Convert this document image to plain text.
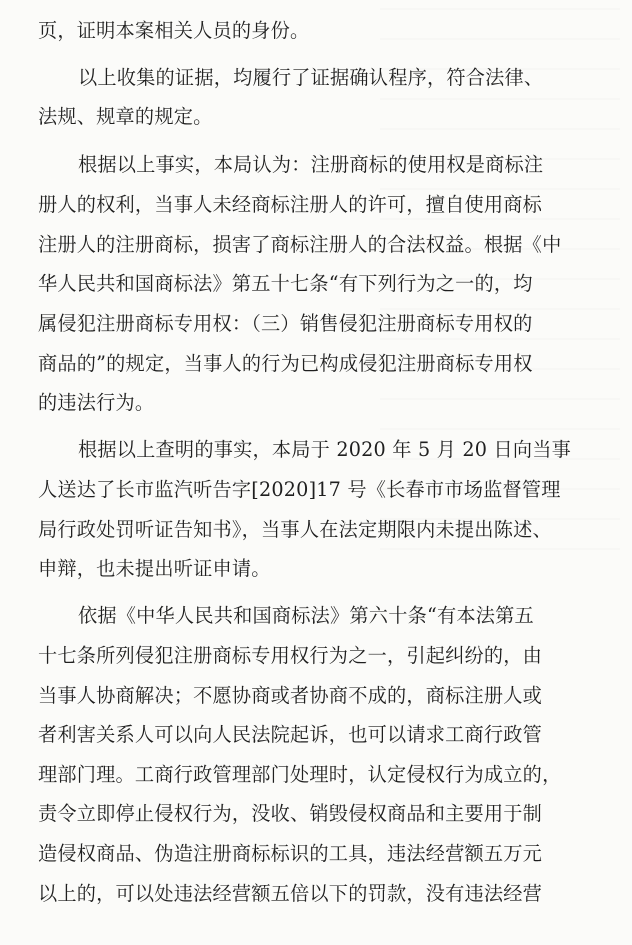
页，证明本案相关人员的身份。
以上收集的证据，均履行了证据确认程序，符合法律、
法规、规章的规定。
根据以上事实，本局认为：注册商标的使用权是商标注
册人的权利，当事人未经商标注册人的许可，擅自使用商标
注册人的注册商标，损害了商标注册人的合法权益。根据《中
华人民共和国商标法》第五十七条“有下列行为之一的，均
属侵犯注册商标专用权：（三）销售侵犯注册商标专用权的
商品的”的规定，当事人的行为已构成侵犯注册商标专用权
的违法行为。
根据以上查明的事实，本局于 2020 年 5 月 20 日向当事
人送达了长市监汽听告字[2020]17 号《长春市市场监督管理
局行政处罚听证告知书》，当事人在法定期限内未提出陈述、
申辩，也未提出听证申请。
依据《中华人民共和国商标法》第六十条“有本法第五
十七条所列侵犯注册商标专用权行为之一，引起纠纷的，由
当事人协商解决；不愿协商或者协商不成的，商标注册人或
者利害关系人可以向人民法院起诉，也可以请求工商行政管
理部门理。工商行政管理部门处理时，认定侵权行为成立的，
责令立即停止侵权行为，没收、销毁侵权商品和主要用于制
造侵权商品、伪造注册商标标识的工具，违法经营额五万元
以上的，可以处违法经营额五倍以下的罚款，没有违法经营
